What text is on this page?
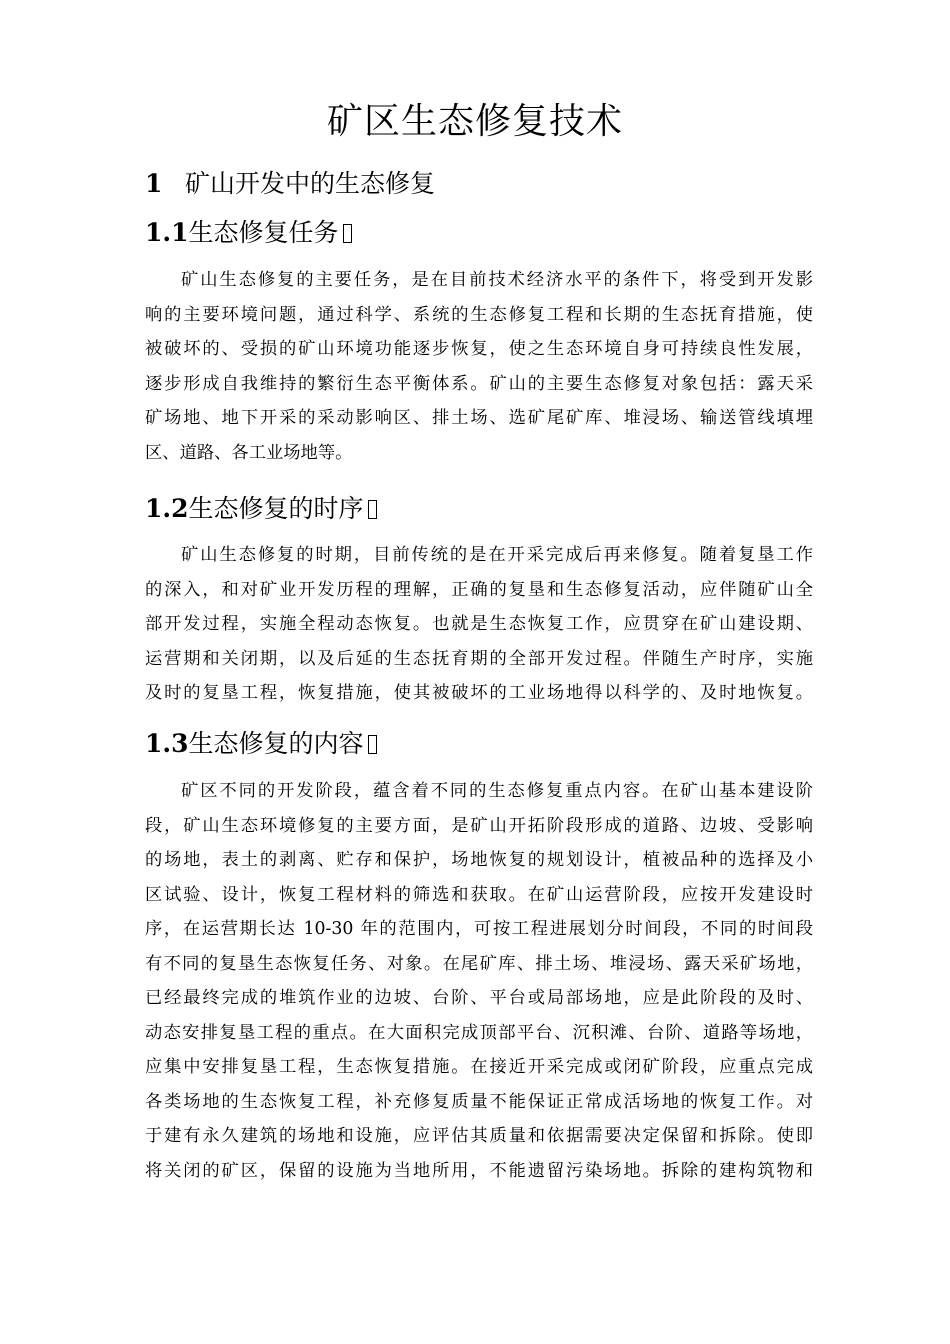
矿区生态修复技术
1 矿山开发中的生态修复
1.1生态修复任务
矿山生态修复的主要任务，是在目前技术经济水平的条件下，将受到开发影
响的主要环境问题，通过科学、系统的生态修复工程和长期的生态抚育措施，使
被破坏的、受损的矿山环境功能逐步恢复，使之生态环境自身可持续良性发展，
逐步形成自我维持的繁衍生态平衡体系。矿山的主要生态修复对象包括：露天采
矿场地、地下开采的采动影响区、排土场、选矿尾矿库、堆浸场、输送管线填埋
区、道路、各工业场地等。
1.2生态修复的时序
矿山生态修复的时期，目前传统的是在开采完成后再来修复。随着复垦工作
的深入，和对矿业开发历程的理解，正确的复垦和生态修复活动，应伴随矿山全
部开发过程，实施全程动态恢复。也就是生态恢复工作，应贯穿在矿山建设期、
运营期和关闭期，以及后延的生态抚育期的全部开发过程。伴随生产时序，实施
及时的复垦工程，恢复措施，使其被破坏的工业场地得以科学的、及时地恢复。
1.3生态修复的内容
矿区不同的开发阶段，蕴含着不同的生态修复重点内容。在矿山基本建设阶
段，矿山生态环境修复的主要方面，是矿山开拓阶段形成的道路、边坡、受影响
的场地，表土的剥离、贮存和保护，场地恢复的规划设计，植被品种的选择及小
区试验、设计，恢复工程材料的筛选和获取。在矿山运营阶段，应按开发建设时
序，在运营期长达 10-30 年的范围内，可按工程进展划分时间段，不同的时间段
有不同的复垦生态恢复任务、对象。在尾矿库、排土场、堆浸场、露天采矿场地，
已经最终完成的堆筑作业的边坡、台阶、平台或局部场地，应是此阶段的及时、
动态安排复垦工程的重点。在大面积完成顶部平台、沉积滩、台阶、道路等场地，
应集中安排复垦工程，生态恢复措施。在接近开采完成或闭矿阶段，应重点完成
各类场地的生态恢复工程，补充修复质量不能保证正常成活场地的恢复工作。对
于建有永久建筑的场地和设施，应评估其质量和依据需要决定保留和拆除。使即
将关闭的矿区，保留的设施为当地所用，不能遗留污染场地。拆除的建构筑物和
